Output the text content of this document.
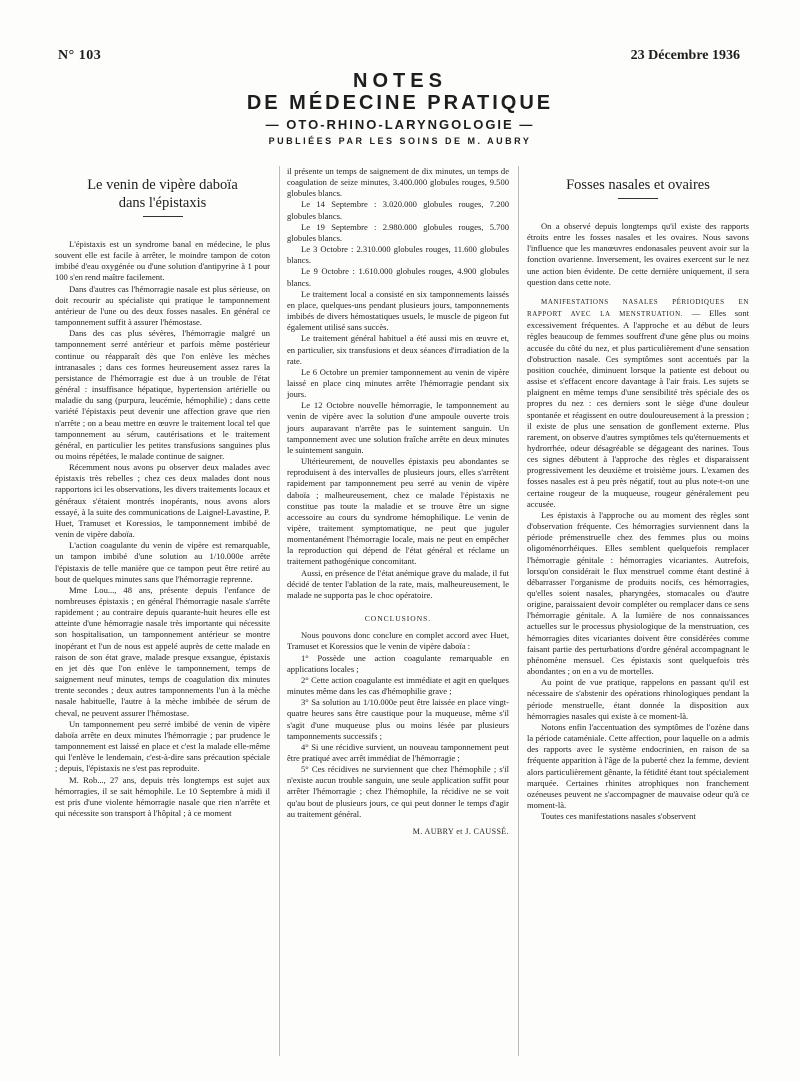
N° 103	23 Décembre 1936
NOTES
DE MÉDECINE PRATIQUE
— OTO-RHINO-LARYNGOLOGIE —
PUBLIÉES PAR LES SOINS DE M. AUBRY
Le venin de vipère daboïa
dans l'épistaxis

L'épistaxis est un syndrome banal en médecine, le plus souvent elle est facile à arrêter, le moindre tampon de coton imbibé d'eau oxygénée ou d'une solution d'antipyrine à 1 pour 100 s'en rend maître facilement.

Dans d'autres cas l'hémorragie nasale est plus sérieuse, on doit recourir au spécialiste qui pratique le tamponnement antérieur de l'une ou des deux fosses nasales. En général ce tamponnement suffit à assurer l'hémostase.

Dans des cas plus sévères, l'hémorragie malgré un tamponnement serré antérieur et parfois même postérieur continue ou réapparaît dès que l'on enlève les mèches intranasales ; dans ces formes heureusement assez rares la persistance de l'hémorragie est due à un trouble de l'état général : insuffisance hépatique, hypertension artérielle ou maladie du sang (purpura, leucémie, hémophilie) ; dans cette variété l'épistaxis peut devenir une affection grave que rien n'arrête ; on a beau mettre en œuvre le traitement local tel que tamponnement au sérum, cautérisations et le traitement général, en particulier les petites transfusions sanguines plus ou moins répétées, le malade continue de saigner.

Récemment nous avons pu observer deux malades avec épistaxis très rebelles ; chez ces deux malades dont nous rapportons ici les observations, les divers traitements locaux et généraux s'étaient montrés inopérants, nous avons alors essayé, à la suite des communications de Laignel-Lavastine, P. Huet, Tramuset et Koressios, le tamponnement imbibé de venin de vipère daboïa.

L'action coagulante du venin de vipère est remarquable, un tampon imbibé d'une solution au 1/10.000e arrête l'épistaxis de telle manière que ce tampon peut être retiré au bout de quelques minutes sans que l'hémorragie reprenne.

Mme Lou..., 48 ans, présente depuis l'enfance de nombreuses épistaxis ; en général l'hémorragie nasale s'arrête rapidement ; au contraire depuis quarante-huit heures elle est atteinte d'une hémorragie nasale très importante qui nécessite son hospitalisation, un tamponnement antérieur se montre inopérant et l'un de nous est appelé auprès de cette malade en raison de son état grave, malade presque exsangue, épistaxis en jet dès que l'on enlève le tamponnement, temps de saignement neuf minutes, temps de coagulation dix minutes trente secondes ; deux autres tamponnements l'un à la mèche nasale habituelle, l'autre à la mèche imbibée de sérum de cheval, ne peuvent assurer l'hémostase.

Un tamponnement peu serré imbibé de venin de vipère daboïa arrête en deux minutes l'hémorragie ; par prudence le tamponnement est laissé en place et c'est la malade elle-même qui l'enlève le lendemain, c'est-à-dire sans précaution spéciale ; depuis, l'épistaxis ne s'est pas reproduite.

M. Rob..., 27 ans, depuis très longtemps est sujet aux hémorragies, il se sait hémophile. Le 10 Septembre à midi il est pris d'une violente hémorragie nasale que rien n'arrête et qui nécessite son transport à l'hôpital ; à ce moment

il présente un temps de saignement de dix minutes, un temps de coagulation de seize minutes, 3.400.000 globules rouges, 9.500 globules blancs.

Le 14 Septembre : 3.020.000 globules rouges, 7.200 globules blancs.

Le 19 Septembre : 2.980.000 globules rouges, 5.700 globules blancs.

Le 3 Octobre : 2.310.000 globules rouges, 11.600 globules blancs.

Le 9 Octobre : 1.610.000 globules rouges, 4.900 globules blancs.

Le traitement local a consisté en six tamponnements laissés en place, quelques-uns pendant plusieurs jours, tamponnements imbibés de divers hémostatiques usuels, le muscle de pigeon fut également utilisé sans succès.

Le traitement général habituel a été aussi mis en œuvre et, en particulier, six transfusions et deux séances d'irradiation de la rate.

Le 6 Octobre un premier tamponnement au venin de vipère laissé en place cinq minutes arrête l'hémorragie pendant six jours.

Le 12 Octobre nouvelle hémorragie, le tamponnement au venin de vipère avec la solution d'une ampoule ouverte trois jours auparavant n'arrête pas le suintement sanguin. Un tamponnement avec une solution fraîche arrête en deux minutes le suintement sanguin.

Ultérieurement, de nouvelles épistaxis peu abondantes se reproduisent à des intervalles de plusieurs jours, elles s'arrêtent rapidement par tamponnement peu serré au venin de vipère daboïa ; malheureusement, chez ce malade l'épistaxis ne constitue pas toute la maladie et se trouve être un signe accessoire au cours du syndrome hémophilique. Le venin de vipère, traitement symptomatique, ne peut que juguler momentanément l'hémorragie locale, mais ne peut en empêcher la reproduction qui dépend de l'état général et réclame un traitement pathogénique concomitant.

Aussi, en présence de l'état anémique grave du malade, il fut décidé de tenter l'ablation de la rate, mais, malheureusement, le malade ne supporta pas le choc opératoire.

CONCLUSIONS.

Nous pouvons donc conclure en complet accord avec Huet, Tramuset et Koressios que le venin de vipère daboïa :

1° Possède une action coagulante remarquable en applications locales ;

2° Cette action coagulante est immédiate et agit en quelques minutes même dans les cas d'hémophilie grave ;

3° Sa solution au 1/10.000e peut être laissée en place vingt-quatre heures sans être caustique pour la muqueuse, même s'il s'agit d'une muqueuse plus ou moins lésée par plusieurs tamponnements successifs ;

4° Si une récidive survient, un nouveau tamponnement peut être pratiqué avec arrêt immédiat de l'hémorragie ;

5° Ces récidives ne surviennent que chez l'hémophile ; s'il n'existe aucun trouble sanguin, une seule application suffit pour arrêter l'hémorragie ; chez l'hémophile, la récidive ne se voit qu'au bout de plusieurs jours, ce qui peut donner le temps d'agir au traitement général.

M. AUBRY et J. CAUSSÉ.
Fosses nasales et ovaires

On a observé depuis longtemps qu'il existe des rapports étroits entre les fosses nasales et les ovaires. Nous savons l'influence que les manœuvres endonasales peuvent avoir sur la fonction ovarienne. Inversement, les ovaires exercent sur le nez une action bien évidente. De cette dernière uniquement, il sera question dans cette note.

MANIFESTATIONS NASALES PÉRIODIQUES EN RAPPORT AVEC LA MENSTRUATION. — Elles sont excessivement fréquentes. A l'approche et au début de leurs règles beaucoup de femmes souffrent d'une gêne plus ou moins accusée du côté du nez, et plus particulièrement d'une sensation d'obstruction nasale. Ces symptômes sont accentués par la position couchée, diminuent lorsque la patiente est debout ou assise et s'effacent encore davantage à l'air frais. Les sujets se plaignent en même temps d'une sensibilité très spéciale des os propres du nez : ces derniers sont le siège d'une douleur spontanée et réagissent en outre douloureusement à la pression ; il existe de plus une sensation de gonflement externe. Plus rarement, on observe d'autres symptômes tels qu'éternuements et hydrorrhée, odeur désagréable se dégageant des narines. Tous ces signes débutent à l'approche des règles et disparaissent progressivement les deuxième et troisième jours. L'examen des fosses nasales est à peu près négatif, tout au plus note-t-on une certaine rougeur de la muqueuse, rougeur généralement peu accusée.

Les épistaxis à l'approche ou au moment des règles sont d'observation fréquente. Ces hémorragies surviennent dans la période prémenstruelle chez des femmes plus ou moins oligoménorrhéiques. Elles semblent quelquefois remplacer l'hémorragie génitale : hémorragies vicariantes. Autrefois, lorsqu'on considérait le flux menstruel comme étant destiné à débarrasser l'organisme de produits nocifs, ces hémorragies, qu'elles soient nasales, pharyngées, stomacales ou d'autre origine, paraissaient devoir compléter ou remplacer dans ce sens l'hémorragie génitale. A la lumière de nos connaissances actuelles sur le processus physiologique de la menstruation, ces hémorragies dites vicariantes doivent être considérées comme faisant partie des perturbations d'ordre général accompagnant le phénomène mensuel. Ces épistaxis sont quelquefois très abondantes ; on en a vu de mortelles.

Au point de vue pratique, rappelons en passant qu'il est nécessaire de s'abstenir des opérations rhinologiques pendant la période menstruelle, étant donnée la disposition aux hémorragies nasales qui existe à ce moment-là.

Notons enfin l'accentuation des symptômes de l'ozène dans la période cataméniale. Cette affection, pour laquelle on a admis des rapports avec le système endocrinien, en raison de sa fréquente apparition à l'âge de la puberté chez la femme, devient alors particulièrement gênante, la fétidité étant tout spécialement marquée. Certaines rhinites atrophiques non franchement ozéneuses peuvent ne s'accompagner de mauvaise odeur qu'à ce moment-là.

Toutes ces manifestations nasales s'observent
